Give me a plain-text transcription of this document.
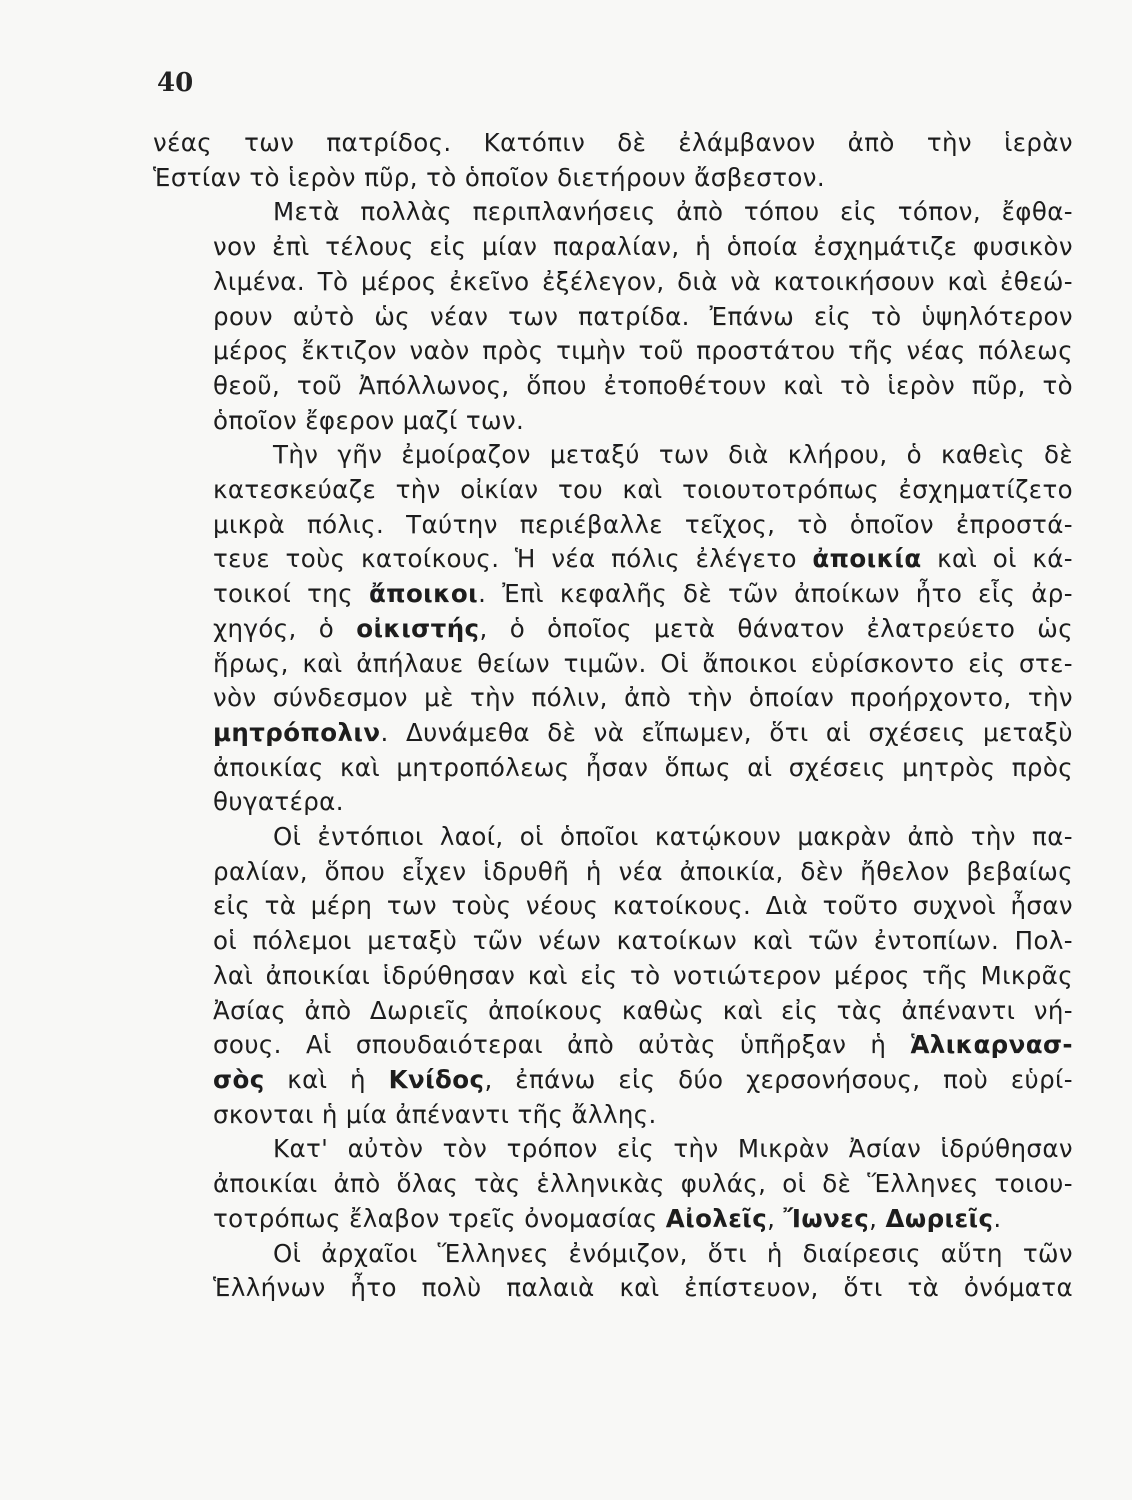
40
νέας των πατρίδος. Κατόπιν δὲ ἐλάμβανον ἀπὸ τὴν ἱερὰν
Ἑστίαν τὸ ἱερὸν πῦρ, τὸ ὁποῖον διετήρουν ἄσβεστον.
Μετὰ πολλὰς περιπλανήσεις ἀπὸ τόπου εἰς τόπον, ἔφθα-
νον ἐπὶ τέλους εἰς μίαν παραλίαν, ἡ ὁποία ἐσχημάτιζε φυσικὸν
λιμένα. Τὸ μέρος ἐκεῖνο ἐξέλεγον, διὰ νὰ κατοικήσουν καὶ ἐθεώ-
ρουν αὐτὸ ὡς νέαν των πατρίδα. Ἐπάνω εἰς τὸ ὑψηλότερον
μέρος ἔκτιζον ναὸν πρὸς τιμὴν τοῦ προστάτου τῆς νέας πόλεως
θεοῦ, τοῦ Ἀπόλλωνος, ὅπου ἐτοποθέτουν καὶ τὸ ἱερὸν πῦρ, τὸ
ὁποῖον ἔφερον μαζί των.
Τὴν γῆν ἐμοίραζον μεταξύ των διὰ κλήρου, ὁ καθεὶς δὲ
κατεσκεύαζε τὴν οἰκίαν του καὶ τοιουτοτρόπως ἐσχηματίζετο
μικρὰ πόλις. Ταύτην περιέβαλλε τεῖχος, τὸ ὁποῖον ἐπροστά-
τευε τοὺς κατοίκους. Ἡ νέα πόλις ἐλέγετο ἀποικία καὶ οἱ κά-
τοικοί της ἄποικοι. Ἐπὶ κεφαλῆς δὲ τῶν ἀποίκων ἦτο εἷς ἀρ-
χηγός, ὁ οἰκιστής, ὁ ὁποῖος μετὰ θάνατον ἐλατρεύετο ὡς
ἥρως, καὶ ἀπήλαυε θείων τιμῶν. Οἱ ἄποικοι εὑρίσκοντο εἰς στε-
νὸν σύνδεσμον μὲ τὴν πόλιν, ἀπὸ τὴν ὁποίαν προήρχοντο, τὴν
μητρόπολιν. Δυνάμεθα δὲ νὰ εἴπωμεν, ὅτι αἱ σχέσεις μεταξὺ
ἀποικίας καὶ μητροπόλεως ἦσαν ὅπως αἱ σχέσεις μητρὸς πρὸς
θυγατέρα.
Οἱ ἐντόπιοι λαοί, οἱ ὁποῖοι κατῴκουν μακρὰν ἀπὸ τὴν πα-
ραλίαν, ὅπου εἶχεν ἱδρυθῆ ἡ νέα ἀποικία, δὲν ἤθελον βεβαίως
εἰς τὰ μέρη των τοὺς νέους κατοίκους. Διὰ τοῦτο συχνοὶ ἦσαν
οἱ πόλεμοι μεταξὺ τῶν νέων κατοίκων καὶ τῶν ἐντοπίων. Πολ-
λαὶ ἀποικίαι ἱδρύθησαν καὶ εἰς τὸ νοτιώτερον μέρος τῆς Μικρᾶς
Ἀσίας ἀπὸ Δωριεῖς ἀποίκους καθὼς καὶ εἰς τὰς ἀπέναντι νή-
σους. Αἱ σπουδαιότεραι ἀπὸ αὐτὰς ὑπῆρξαν ἡ Ἁλικαρνασ-
σὸς καὶ ἡ Κνίδος, ἐπάνω εἰς δύο χερσονήσους, ποὺ εὑρί-
σκονται ἡ μία ἀπέναντι τῆς ἄλλης.
Κατ' αὐτὸν τὸν τρόπον εἰς τὴν Μικρὰν Ἀσίαν ἱδρύθησαν
ἀποικίαι ἀπὸ ὅλας τὰς ἑλληνικὰς φυλάς, οἱ δὲ Ἕλληνες τοιου-
τοτρόπως ἔλαβον τρεῖς ὀνομασίας Αἰολεῖς, Ἴωνες, Δωριεῖς.
Οἱ ἀρχαῖοι Ἕλληνες ἐνόμιζον, ὅτι ἡ διαίρεσις αὕτη τῶν
Ἑλλήνων ἦτο πολὺ παλαιὰ καὶ ἐπίστευον, ὅτι τὰ ὀνόματα
